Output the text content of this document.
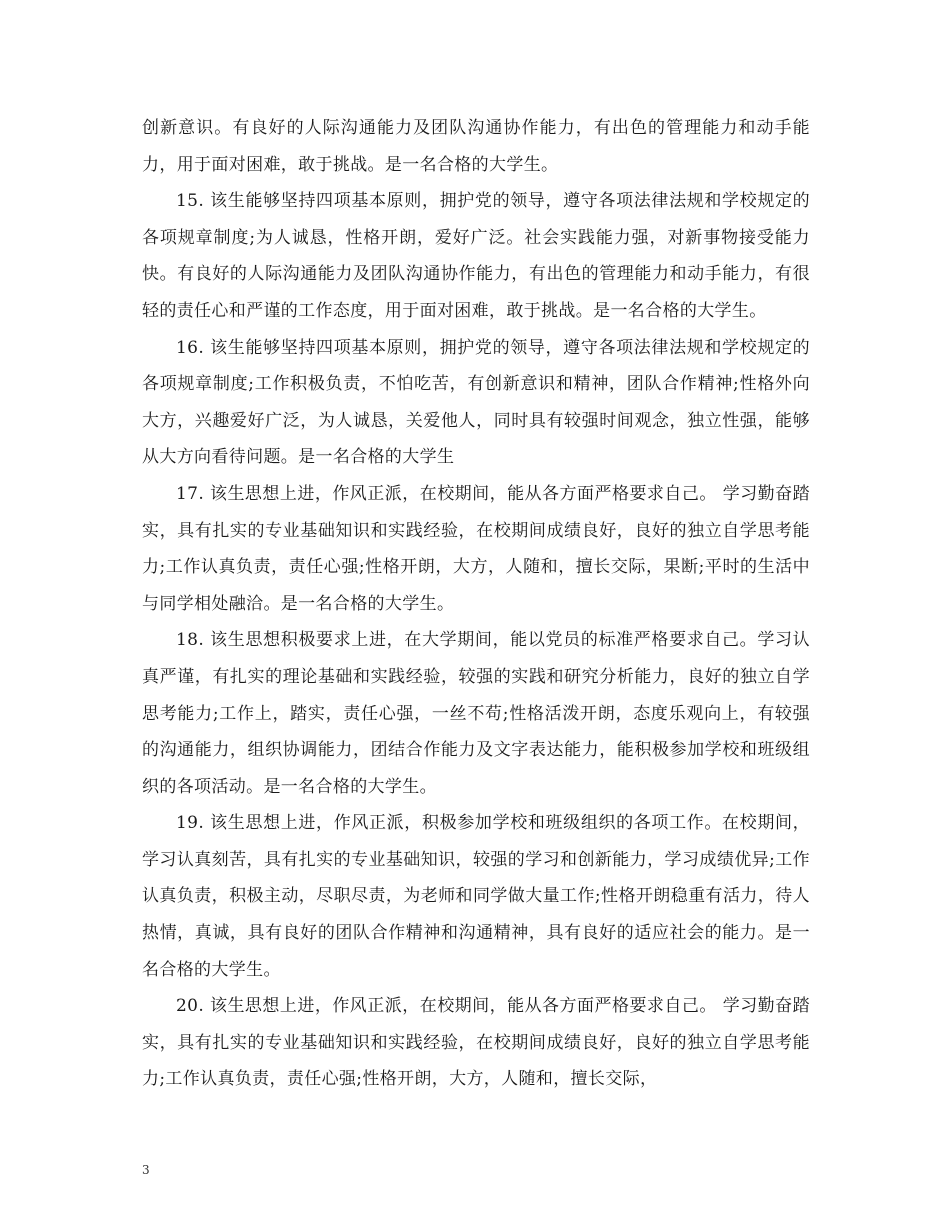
创新意识。有良好的人际沟通能力及团队沟通协作能力，有出色的管理能力和动手能力，用于面对困难，敢于挑战。是一名合格的大学生。

15. 该生能够坚持四项基本原则，拥护党的领导，遵守各项法律法规和学校规定的各项规章制度;为人诚恳，性格开朗，爱好广泛。社会实践能力强，对新事物接受能力快。有良好的人际沟通能力及团队沟通协作能力，有出色的管理能力和动手能力，有很轻的责任心和严谨的工作态度，用于面对困难，敢于挑战。是一名合格的大学生。

16. 该生能够坚持四项基本原则，拥护党的领导，遵守各项法律法规和学校规定的各项规章制度;工作积极负责，不怕吃苦，有创新意识和精神，团队合作精神;性格外向大方，兴趣爱好广泛，为人诚恳，关爱他人，同时具有较强时间观念，独立性强，能够从大方向看待问题。是一名合格的大学生

17. 该生思想上进，作风正派，在校期间，能从各方面严格要求自己。 学习勤奋踏实，具有扎实的专业基础知识和实践经验，在校期间成绩良好，良好的独立自学思考能力;工作认真负责，责任心强;性格开朗，大方，人随和，擅长交际，果断;平时的生活中与同学相处融洽。是一名合格的大学生。

18. 该生思想积极要求上进，在大学期间，能以党员的标准严格要求自己。学习认真严谨，有扎实的理论基础和实践经验，较强的实践和研究分析能力，良好的独立自学思考能力;工作上，踏实，责任心强，一丝不苟;性格活泼开朗，态度乐观向上，有较强的沟通能力，组织协调能力，团结合作能力及文字表达能力，能积极参加学校和班级组织的各项活动。是一名合格的大学生。

19. 该生思想上进，作风正派，积极参加学校和班级组织的各项工作。在校期间，学习认真刻苦，具有扎实的专业基础知识，较强的学习和创新能力，学习成绩优异;工作认真负责，积极主动，尽职尽责，为老师和同学做大量工作;性格开朗稳重有活力，待人热情，真诚，具有良好的团队合作精神和沟通精神，具有良好的适应社会的能力。是一名合格的大学生。

20. 该生思想上进，作风正派，在校期间，能从各方面严格要求自己。 学习勤奋踏实，具有扎实的专业基础知识和实践经验，在校期间成绩良好，良好的独立自学思考能力;工作认真负责，责任心强;性格开朗，大方，人随和，擅长交际，

3
